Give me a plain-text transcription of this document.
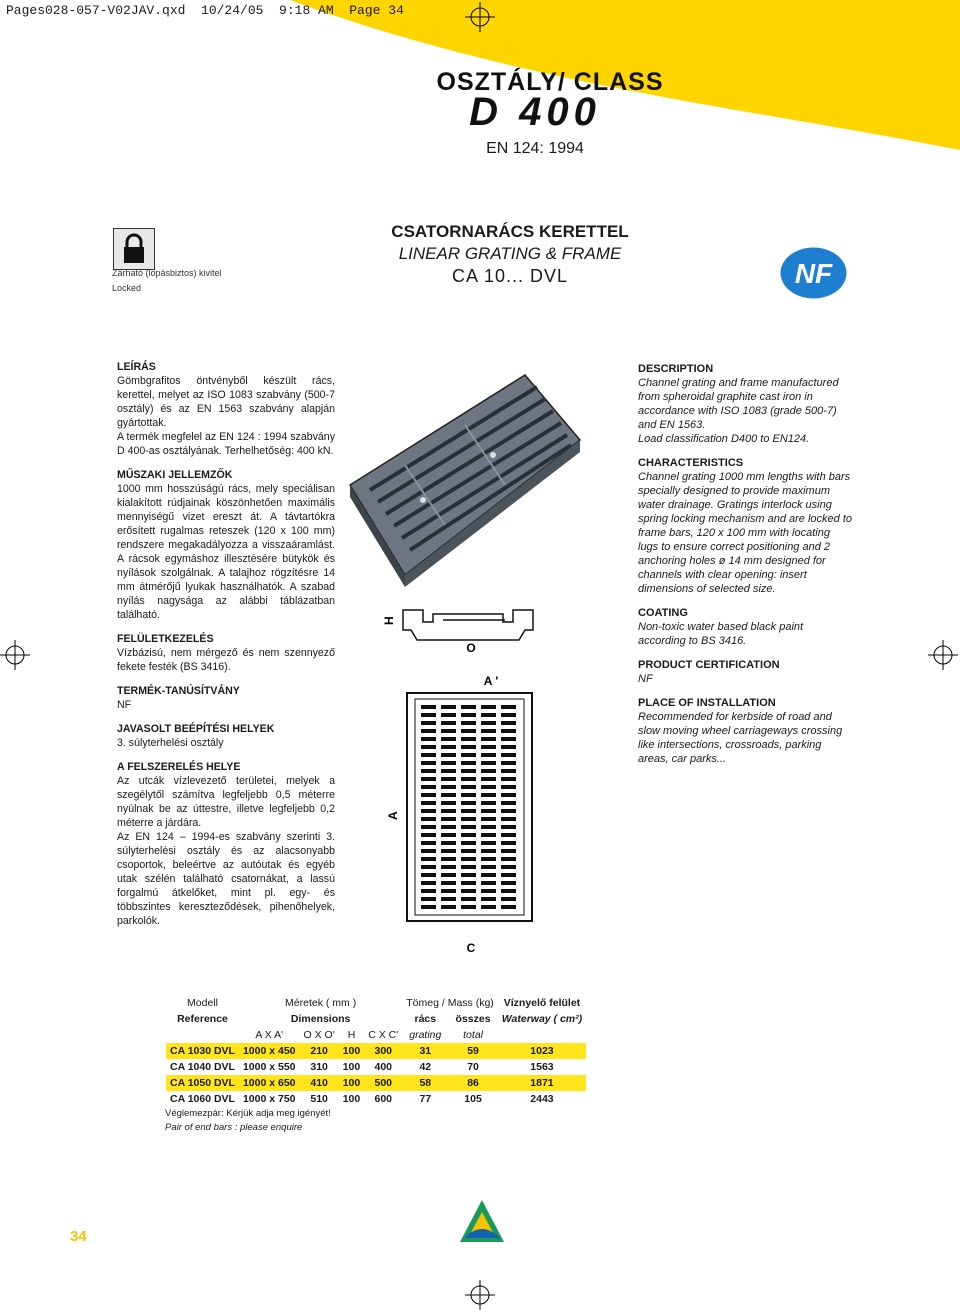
Pages028-057-V02JAV.qxd  10/24/05  9:18 AM  Page 34
OSZTÁLY/ CLASS
D 400
EN 124: 1994
CSATORNARÁCS KERETTEL
LINEAR GRATING & FRAME
CA 10... DVL
Zárható (lopásbiztos) kivitel
Locked	NF

LEÍRÁS

Gömbgrafitos öntvényből készült rács, kerettel, melyet az ISO 1083 szabvány (500-7 osztály) és az EN 1563 szabvány alapján gyártottak.

A termék megfelel az EN 124 : 1994 szabvány D 400-as osztályának. Terhelhetőség: 400 kN.

MŰSZAKI JELLEMZŐK

1000 mm hosszúságú rács, mely speciálisan kialakított rúdjainak köszönhetően maximális mennyiségű vizet ereszt át. A távtartókra erősített rugalmas reteszek (120 x 100 mm) rendszere megakadályozza a visszaáramlást. A rácsok egymáshoz illesztésére bütykök és nyílások szolgálnak. A talajhoz rögzítésre 14 mm átmérőjű lyukak használhatók. A szabad nyílás nagysága az alábbi táblázatban található.

FELÜLETKEZELÉS

Vízbázisú, nem mérgező és nem szennyező fekete festék (BS 3416).

TERMÉK-TANÚSÍTVÁNY

NF

JAVASOLT BEÉPÍTÉSI HELYEK

3. súlyterhelési osztály

A FELSZERELÉS HELYE

Az utcák vízlevezető területei, melyek a szegélytől számítva legfeljebb 0,5 méterre nyúlnak be az úttestre, illetve legfeljebb 0,2 méterre a járdára.

Az EN 124 – 1994-es szabvány szerinti 3. súlyterhelési osztály és az alacsonyabb csoportok, beleértve az autóutak és egyéb utak szélén található csatornákat, a lassú forgalmú átkelőket, mint pl. egy- és többszintes kereszteződések, pihenőhelyek, parkolók.

DESCRIPTION

Channel grating and frame manufactured from spheroidal graphite cast iron in accordance with ISO 1083 (grade 500-7) and EN 1563.

Load classification D400 to EN124.

CHARACTERISTICS

Channel grating 1000 mm lengths with bars specially designed to provide maximum water drainage. Gratings interlock using spring locking mechanism and are locked to frame bars, 120 x 100 mm with locating lugs to ensure correct positioning and 2 anchoring holes ø 14 mm designed for channels with clear opening: insert dimensions of selected size.

COATING

Non-toxic water based black paint according to BS 3416.

PRODUCT CERTIFICATION

NF

PLACE OF INSTALLATION

Recommended for kerbside of road and slow moving wheel carriageways crossing like intersections, crossroads, parking areas, car parks...

H
O
A '
A
C
Modell	Méretek ( mm )				Tömeg / Mass (kg)		Víznyelő felület
Reference	Dimensions				rács	összes	Waterway ( cm²)
	A X A'	O X O'	H	C X C'	grating	total	
CA 1030 DVL	1000 x 450	210	100	300	31	59	1023
CA 1040 DVL	1000 x 550	310	100	400	42	70	1563
CA 1050 DVL	1000 x 650	410	100	500	58	86	1871
CA 1060 DVL	1000 x 750	510	100	600	77	105	2443
Véglemezpár: Kérjük adja meg igényét!
Pair of end bars : please enquire
34
